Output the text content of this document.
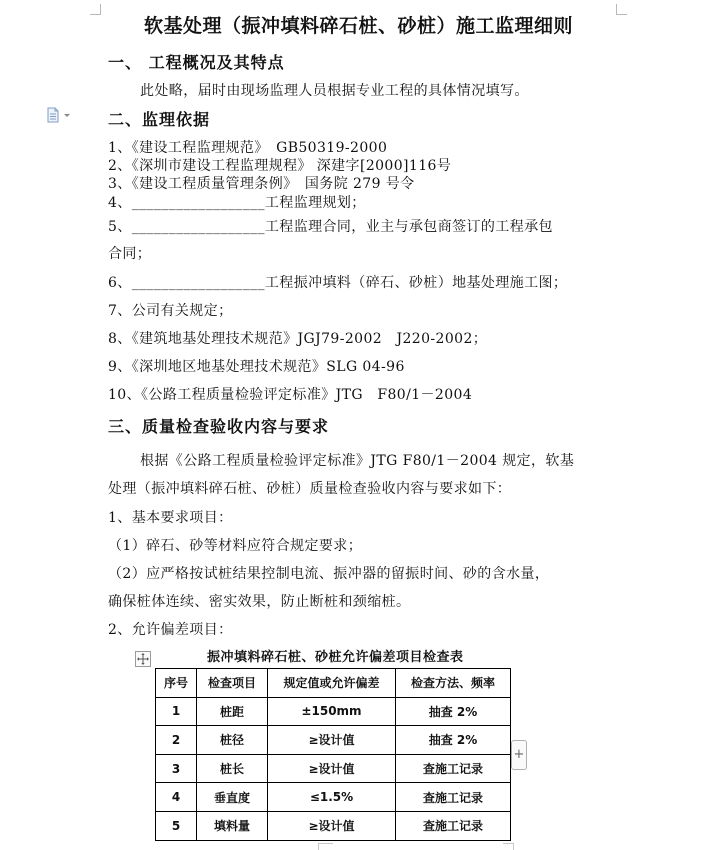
软基处理（振冲填料碎石桩、砂桩）施工监理细则
一、 工程概况及其特点
此处略，届时由现场监理人员根据专业工程的具体情况填写。
二、监理依据
1、《建设工程监理规范》　GB50319-2000
2、《深圳市建设工程监理规程》 深建字[2000]116号
3、《建设工程质量管理条例》　国务院 279 号令
4、__________________工程监理规划；
5、__________________工程监理合同，业主与承包商签订的工程承包
合同；
6、__________________工程振冲填料（碎石、砂桩）地基处理施工图；
7、公司有关规定；
8、《建筑地基处理技术规范》JGJ79-2002　J220-2002；
9、《深圳地区地基处理技术规范》SLG 04-96
10、《公路工程质量检验评定标准》JTG　F80/1－2004
三、质量检查验收内容与要求
根据《公路工程质量检验评定标准》JTG F80/1－2004 规定，软基
处理（振冲填料碎石桩、砂桩）质量检查验收内容与要求如下：
1、基本要求项目：
（1）碎石、砂等材料应符合规定要求；
（2）应严格按试桩结果控制电流、振冲器的留振时间、砂的含水量，
确保桩体连续、密实效果，防止断桩和颈缩桩。
2、允许偏差项目：
振冲填料碎石桩、砂桩允许偏差项目检查表
序号	检查项目	规定值或允许偏差	检查方法、频率
1	桩距	±150mm	抽查 2%
2	桩径	≥设计值	抽查 2%
3	桩长	≥设计值	查施工记录
4	垂直度	≤1.5%	查施工记录
5	填料量	≥设计值	查施工记录
+
